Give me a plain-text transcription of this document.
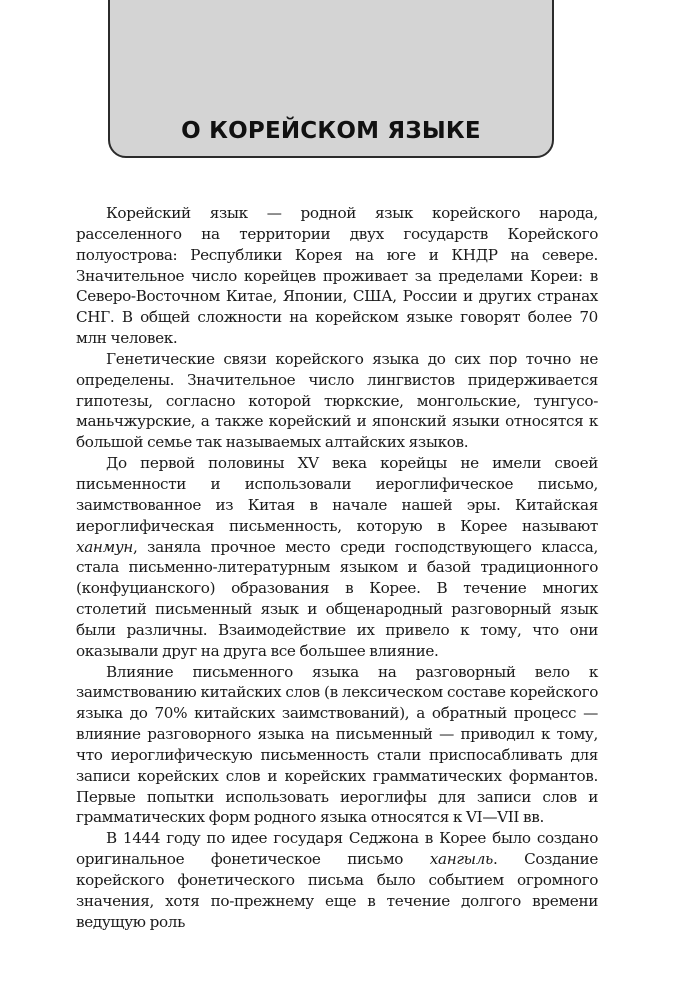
О КОРЕЙСКОМ ЯЗЫКЕ

Корейский язык — родной язык корейского народа, расселенного на территории двух государств Корейского полуострова: Республики Корея на юге и КНДР на севере. Значительное число корейцев проживает за пределами Кореи: в Северо-Восточном Китае, Японии, США, России и других странах СНГ. В общей сложности на корейском языке говорят более 70 млн человек.

Генетические связи корейского языка до сих пор точно не определены. Значительное число лингвистов придерживается гипотезы, согласно которой тюркские, монгольские, тунгусо-маньчжурские, а также корейский и японский языки относятся к большой семье так называемых алтайских языков.

До первой половины XV века корейцы не имели своей письменности и использовали иероглифическое письмо, заимствованное из Китая в начале нашей эры. Китайская иероглифическая письменность, которую в Корее называют ханмун, заняла прочное место среди господствующего класса, стала письменно-литературным языком и базой традиционного (конфуцианского) образования в Корее. В течение многих столетий письменный язык и общенародный разговорный язык были различны. Взаимодействие их привело к тому, что они оказывали друг на друга все большее влияние.

Влияние письменного языка на разговорный вело к заимствованию китайских слов (в лексическом составе корейского языка до 70% китайских заимствований), а обратный процесс — влияние разговорного языка на письменный — приводил к тому, что иероглифическую письменность стали приспосабливать для записи корейских слов и корейских грамматических формантов. Первые попытки использовать иероглифы для записи слов и грамматических форм родного языка относятся к VI—VII вв.

В 1444 году по идее государя Седжона в Корее было создано оригинальное фонетическое письмо хангыль. Создание корейского фонетического письма было событием огромного значения, хотя по-прежнему еще в течение долгого времени ведущую роль
